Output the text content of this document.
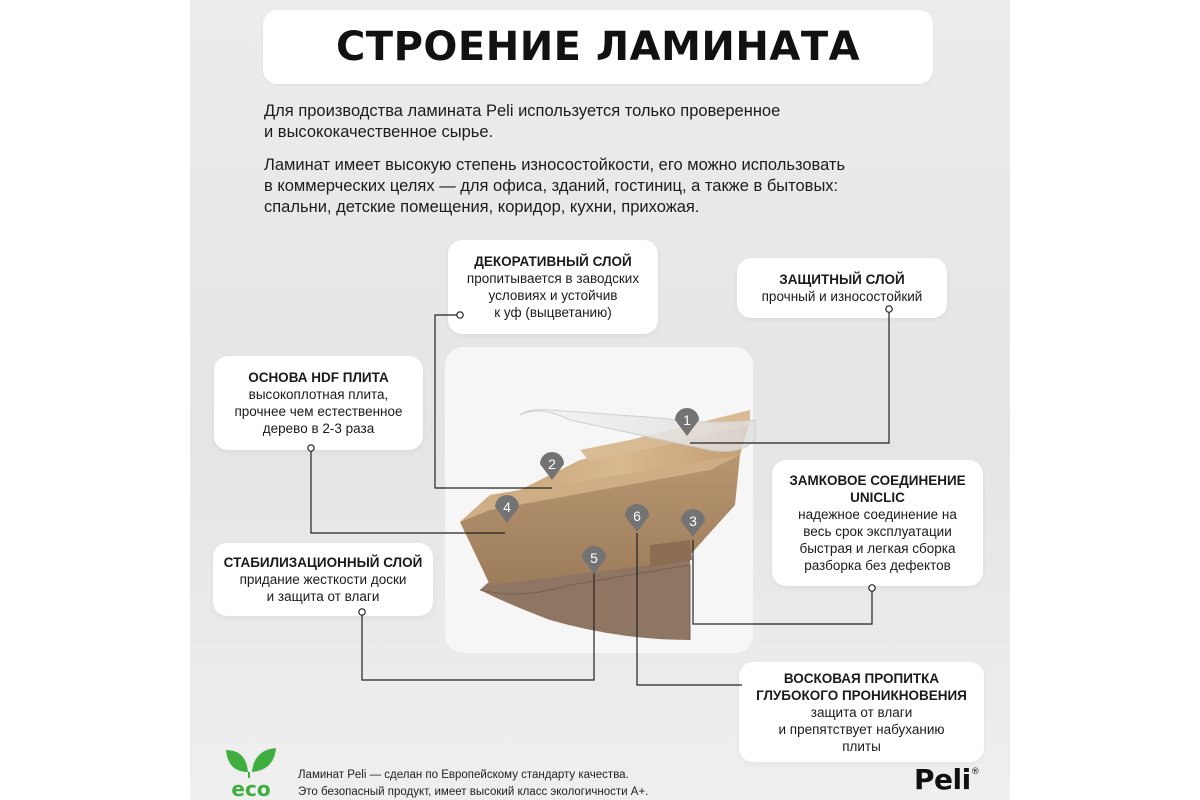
СТРОЕНИЕ ЛАМИНАТА
Для производства ламината Peli используется только проверенное
и высококачественное сырье.
Ламинат имеет высокую степень износостойкости, его можно использовать
в коммерческих целях — для офиса, зданий, гостиниц, а также в бытовых:
спальни, детские помещения, коридор, кухни, прихожая.
ДЕКОРАТИВНЫЙ СЛОЙ
пропитывается в заводских
условиях и устойчив
к уф (выцветанию)
ЗАЩИТНЫЙ СЛОЙ
прочный и износостойкий
ОСНОВА HDF ПЛИТА
высокоплотная плита,
прочнее чем естественное
дерево в 2-3 раза
ЗАМКОВОЕ СОЕДИНЕНИЕ
UNICLIC
надежное соединение на
весь срок эксплуатации
быстрая и легкая сборка
разборка без дефектов
СТАБИЛИЗАЦИОННЫЙ СЛОЙ
придание жесткости доски
и защита от влаги
ВОСКОВАЯ ПРОПИТКА
ГЛУБОКОГО ПРОНИКНОВЕНИЯ
защита от влаги
и препятствует набуханию
плиты
1
2
3
4
5
6
eco
Ламинат Peli — сделан по Европейскому стандарту качества.
Это безопасный продукт, имеет высокий класс экологичности А+.	Peli®
